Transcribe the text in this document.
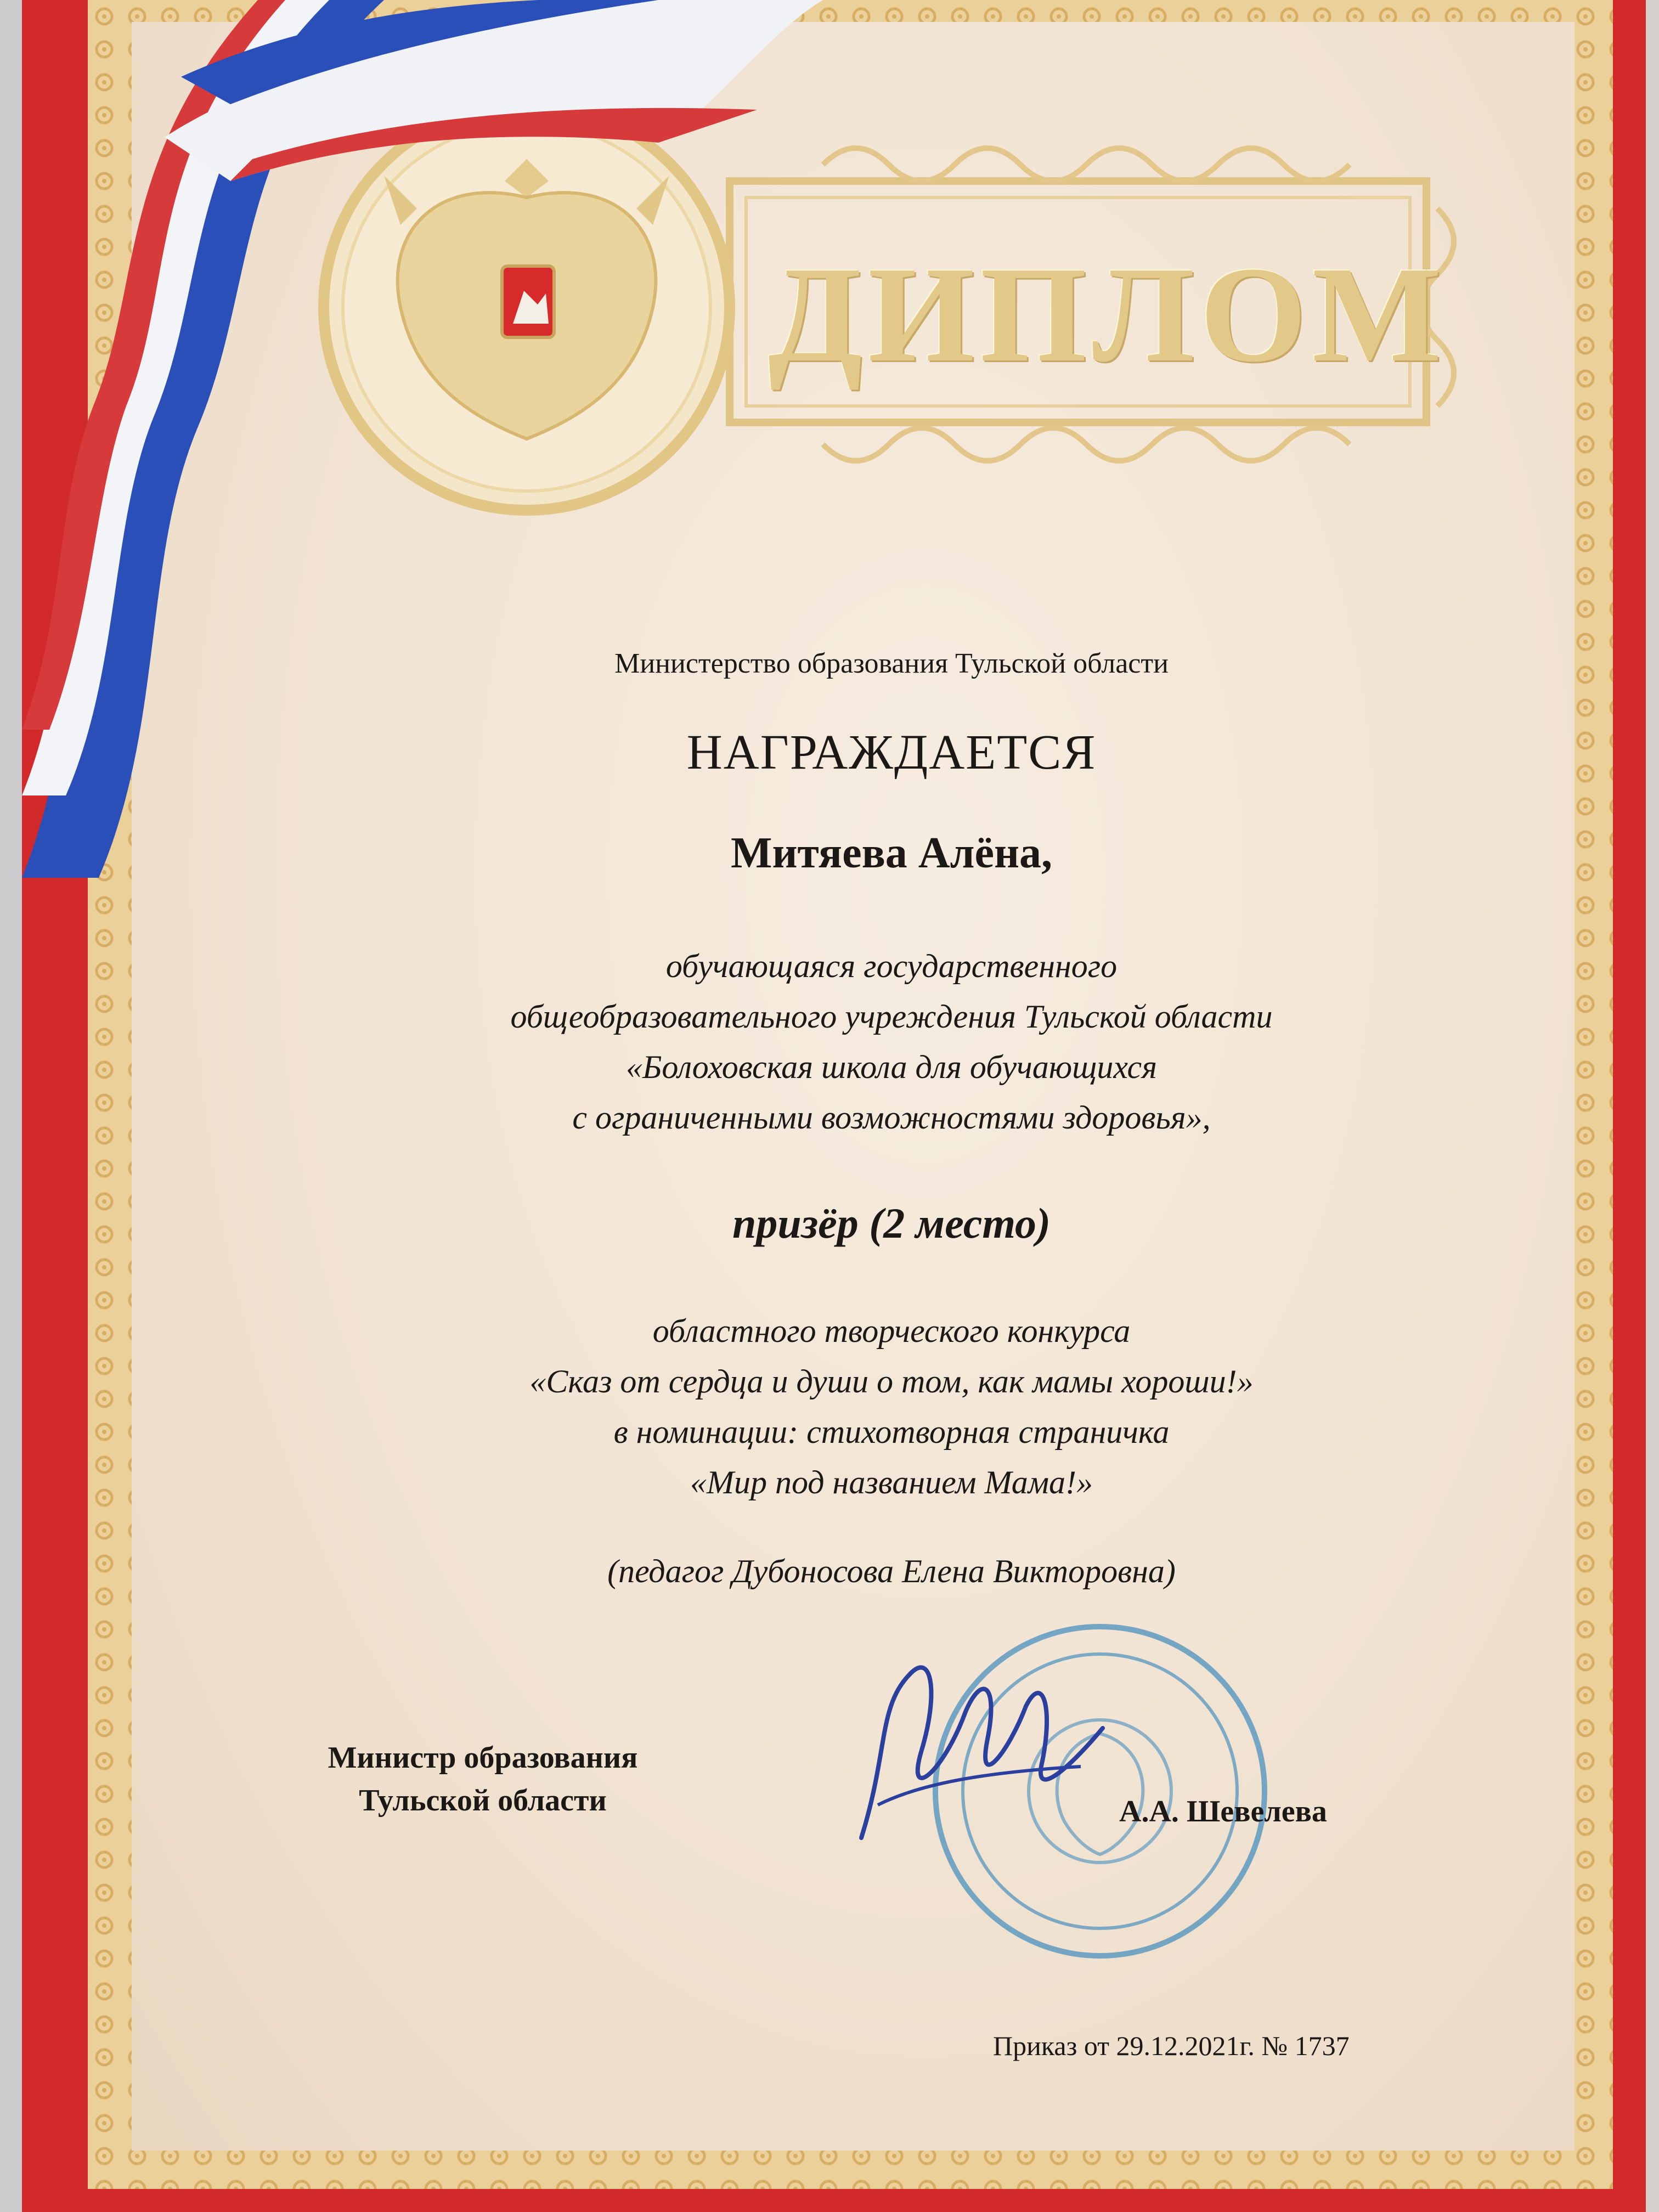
ДИПЛОМ
Министерство образования Тульской области
НАГРАЖДАЕТСЯ
Митяева Алёна,
обучающаяся государственного
общеобразовательного учреждения Тульской области
«Болоховская школа для обучающихся
с ограниченными возможностями здоровья»,
призёр (2 место)
областного творческого конкурса
«Сказ от сердца и души о том, как мамы хороши!»
в номинации: стихотворная страничка
«Мир под названием Мама!»
(педагог Дубоносова Елена Викторовна)
Министр образования
Тульской области	А.А. Шевелева
Приказ от 29.12.2021г. № 1737
